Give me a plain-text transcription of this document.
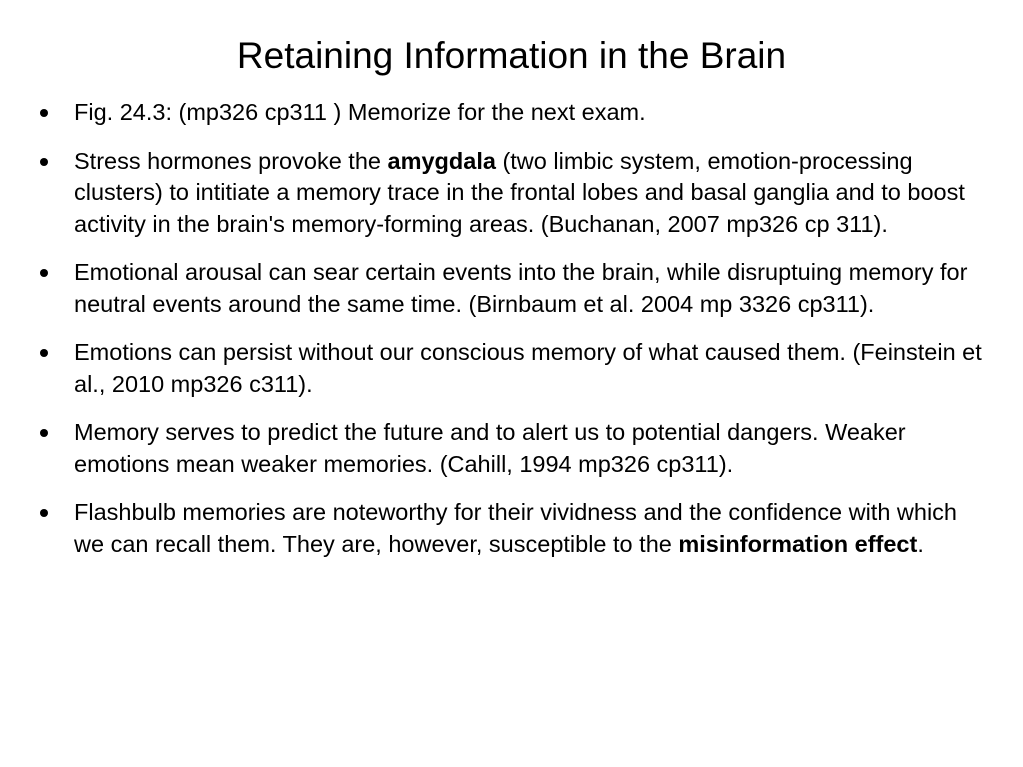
Retaining Information in the Brain
Fig. 24.3: (mp326 cp311 ) Memorize for the next exam.
Stress hormones provoke the amygdala (two limbic system, emotion-processing clusters) to intitiate a memory trace in the frontal lobes and basal ganglia and to boost activity in the brain's memory-forming areas. (Buchanan, 2007 mp326 cp 311).
Emotional arousal can sear certain events into the brain, while disruptuing memory for neutral events around the same time. (Birnbaum et al. 2004 mp 3326 cp311).
Emotions can persist without our conscious memory of what caused them. (Feinstein et al., 2010 mp326 c311).
Memory serves to predict the future and to alert us to potential dangers. Weaker emotions mean weaker memories. (Cahill, 1994 mp326 cp311).
Flashbulb memories are noteworthy for their vividness and the confidence with which we can recall them. They are, however, susceptible to the misinformation effect.
